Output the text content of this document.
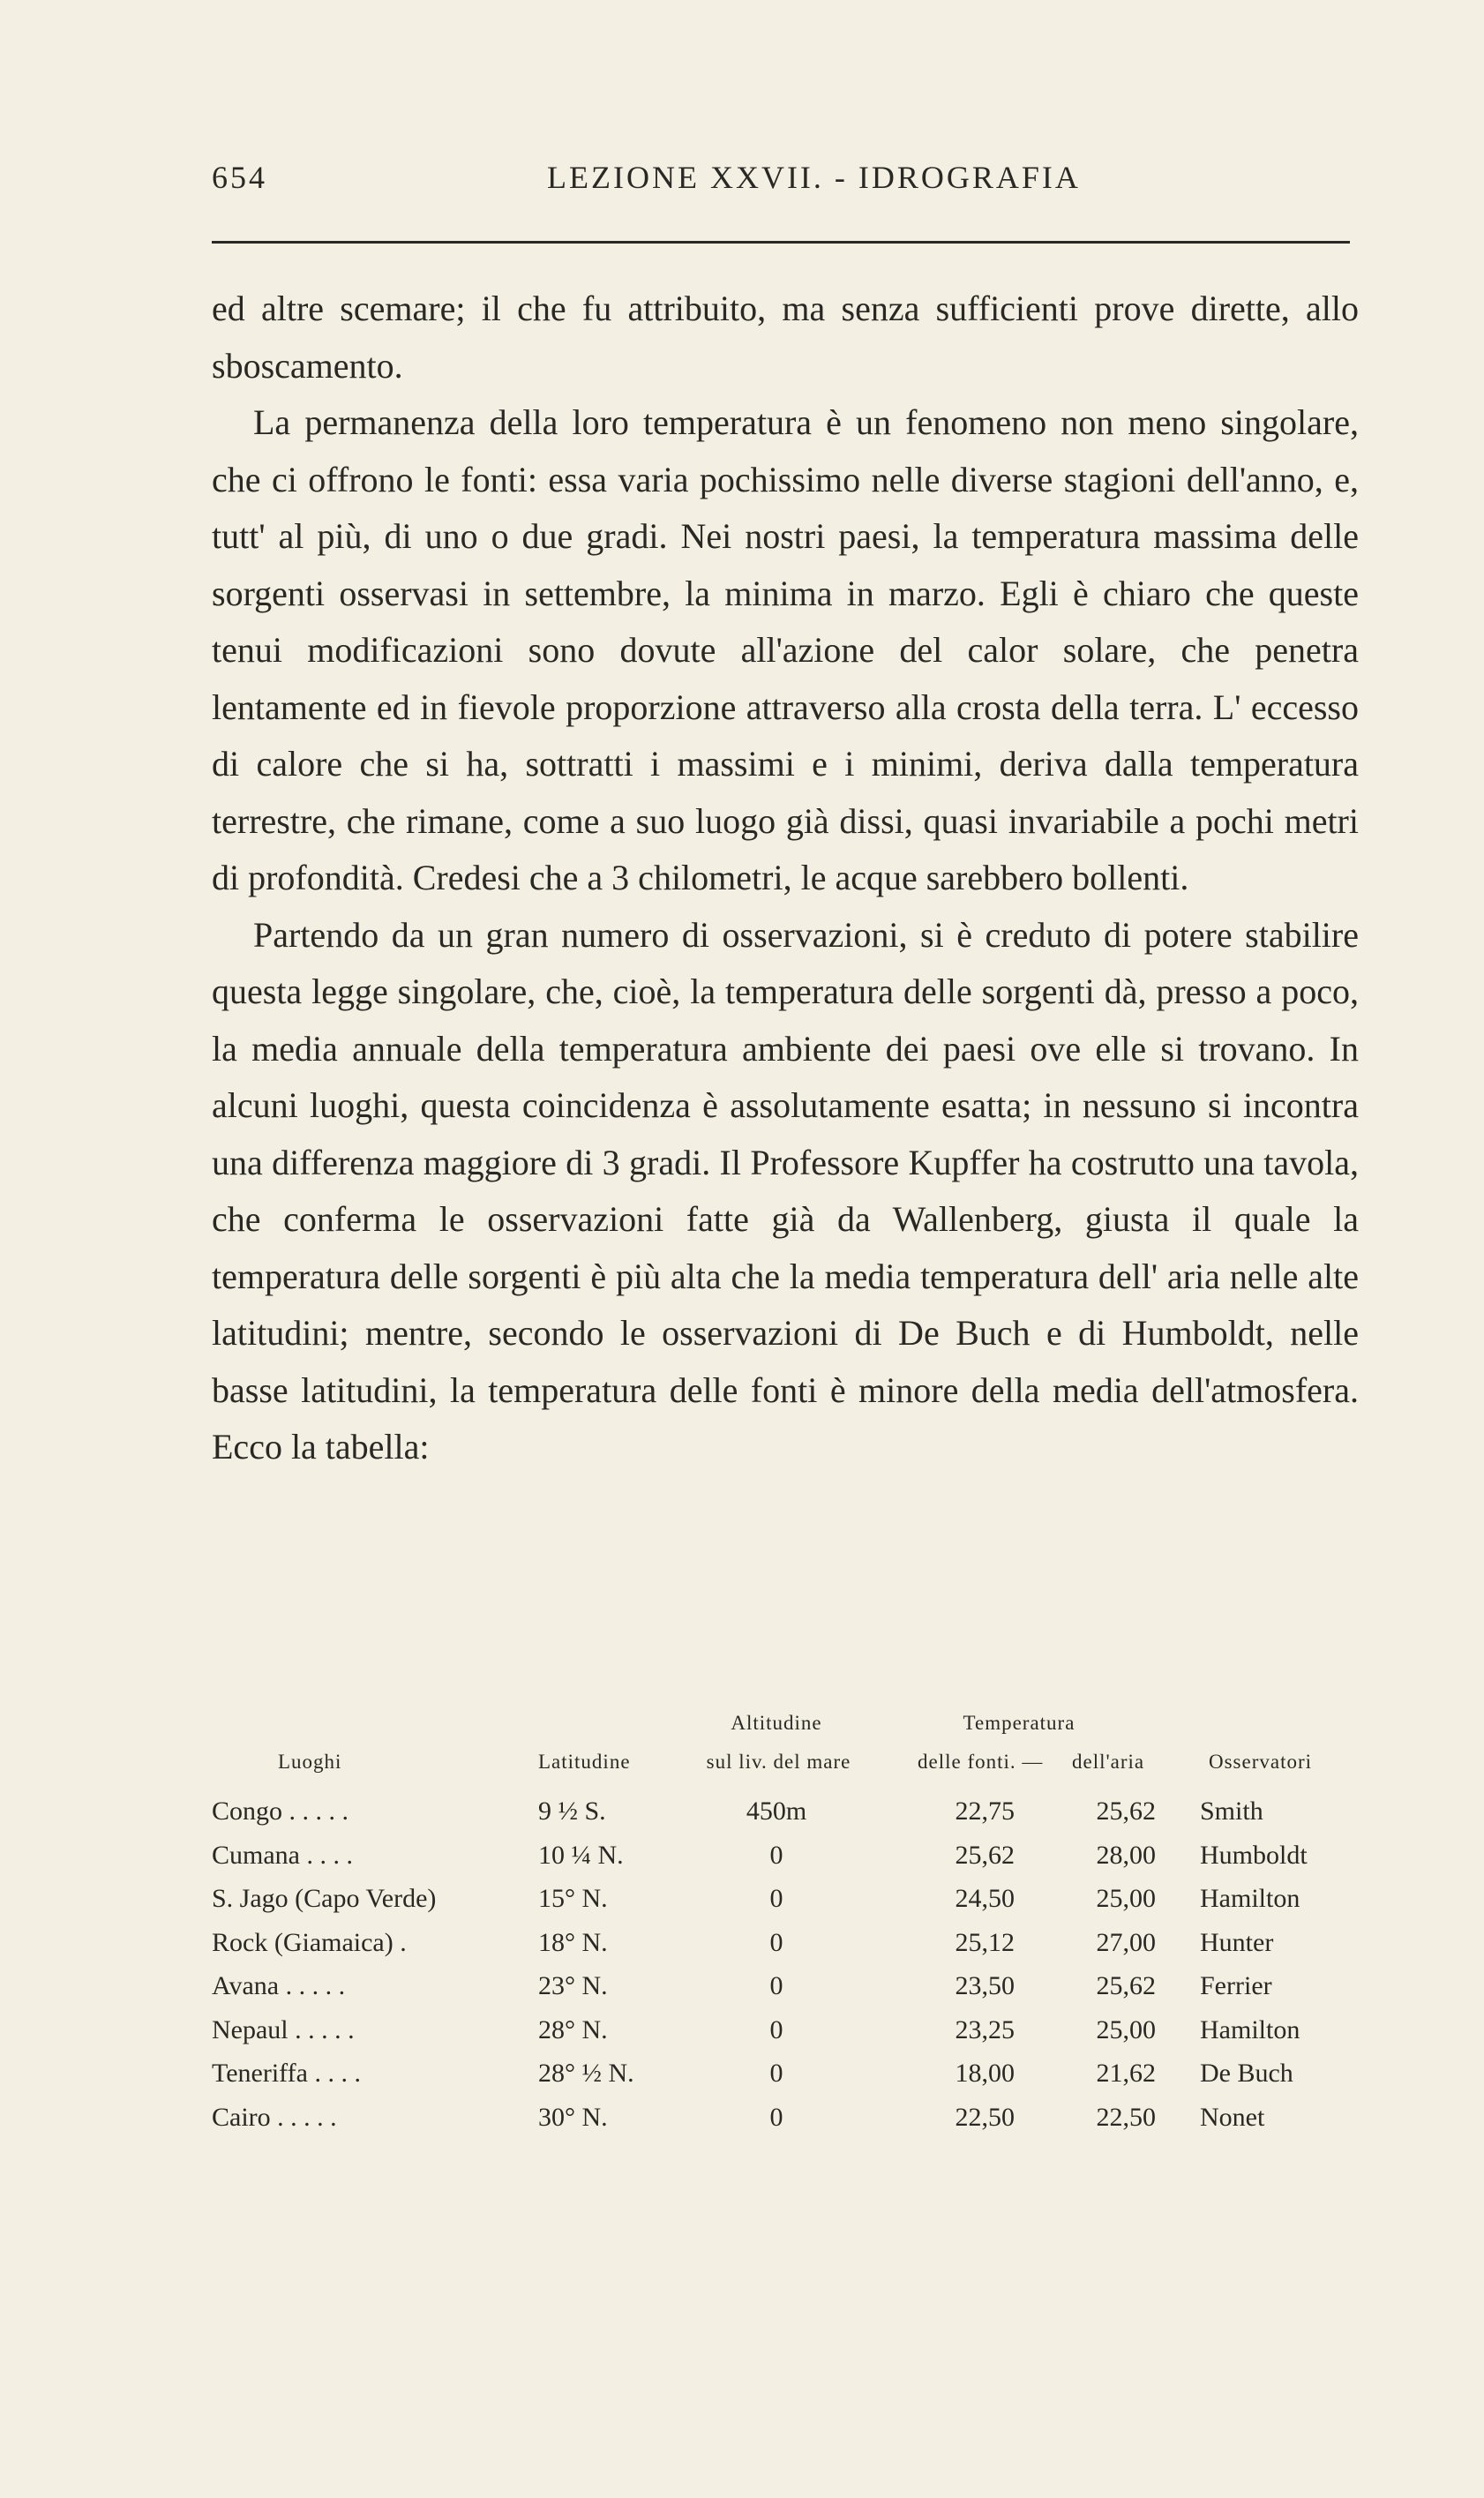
654	LEZIONE XXVII. - IDROGRAFIA

ed altre scemare; il che fu attribuito, ma senza sufficienti prove dirette, allo sboscamento.

La permanenza della loro temperatura è un fenomeno non meno singolare, che ci offrono le fonti: essa varia pochissimo nelle diverse stagioni dell'anno, e, tutt' al più, di uno o due gradi. Nei nostri paesi, la temperatura massima delle sorgenti osservasi in settembre, la minima in marzo. Egli è chiaro che queste tenui modificazioni sono dovute all'azione del calor solare, che penetra lentamente ed in fievole proporzione attraverso alla crosta della terra. L' eccesso di calore che si ha, sottratti i massimi e i minimi, deriva dalla temperatura terrestre, che rimane, come a suo luogo già dissi, quasi invariabile a pochi metri di profondità. Credesi che a 3 chilometri, le acque sarebbero bollenti.

Partendo da un gran numero di osservazioni, si è creduto di potere stabilire questa legge singolare, che, cioè, la temperatura delle sorgenti dà, presso a poco, la media annuale della temperatura ambiente dei paesi ove elle si trovano. In alcuni luoghi, questa coincidenza è assolutamente esatta; in nessuno si incontra una differenza maggiore di 3 gradi. Il Professore Kupffer ha costrutto una tavola, che conferma le osservazioni fatte già da Wallenberg, giusta il quale la temperatura delle sorgenti è più alta che la media temperatura dell' aria nelle alte latitudini; mentre, secondo le osservazioni di De Buch e di Humboldt, nelle basse latitudini, la temperatura delle fonti è minore della media dell'atmosfera. Ecco la tabella:

Altitudine	Temperatura
Luoghi	Latitudine	sul liv. del mare	delle fonti. — dell'aria	Osservatori
Congo . . . . .	9 ½ S.	450m	22,75	25,62 Smith
Cumana . . . .	10 ¼ N.	0	25,62	28,00 Humboldt
S. Jago (Capo Verde)	15° N.	0	24,50	25,00 Hamilton
Rock (Giamaica) .	18° N.	0	25,12	27,00 Hunter
Avana . . . . .	23° N.	0	23,50	25,62 Ferrier
Nepaul . . . . .	28° N.	0	23,25	25,00 Hamilton
Teneriffa . . . .	28° ½ N.	0	18,00	21,62 De Buch
Cairo . . . . .	30° N.	0	22,50	22,50 Nonet
